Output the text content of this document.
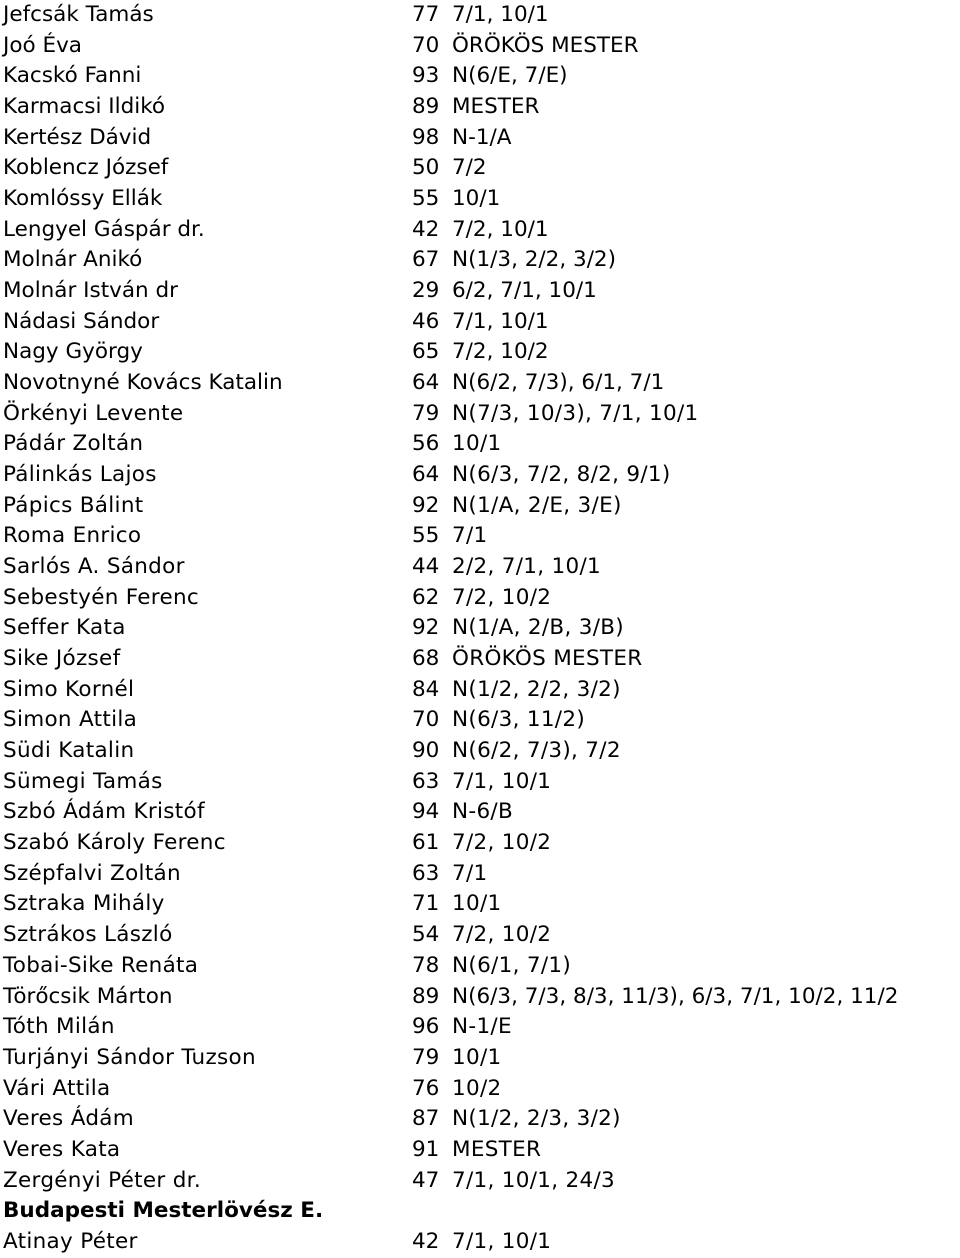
Jefcsák Tamás	77 7/1, 10/1
Joó Éva	70 ÖRÖKÖS MESTER
Kacskó Fanni	93 N(6/E, 7/E)
Karmacsi Ildikó	89 MESTER
Kertész Dávid	98 N-1/A
Koblencz József	50 7/2
Komlóssy Ellák	55 10/1
Lengyel Gáspár dr.	42 7/2, 10/1
Molnár Anikó	67 N(1/3, 2/2, 3/2)
Molnár István dr	29 6/2, 7/1, 10/1
Nádasi Sándor	46 7/1, 10/1
Nagy György	65 7/2, 10/2
Novotnyné Kovács Katalin	64 N(6/2, 7/3), 6/1, 7/1
Örkényi Levente	79 N(7/3, 10/3), 7/1, 10/1
Pádár Zoltán	56 10/1
Pálinkás Lajos	64 N(6/3, 7/2, 8/2, 9/1)
Pápics Bálint	92 N(1/A, 2/E, 3/E)
Roma Enrico	55 7/1
Sarlós A. Sándor	44 2/2, 7/1, 10/1
Sebestyén Ferenc	62 7/2, 10/2
Seffer Kata	92 N(1/A, 2/B, 3/B)
Sike József	68 ÖRÖKÖS MESTER
Simo Kornél	84 N(1/2, 2/2, 3/2)
Simon Attila	70 N(6/3, 11/2)
Südi Katalin	90 N(6/2, 7/3), 7/2
Sümegi Tamás	63 7/1, 10/1
Szbó Ádám Kristóf	94 N-6/B
Szabó Károly Ferenc	61 7/2, 10/2
Szépfalvi Zoltán	63 7/1
Sztraka Mihály	71 10/1
Sztrákos László	54 7/2, 10/2
Tobai-Sike Renáta	78 N(6/1, 7/1)
Törőcsik Márton	89 N(6/3, 7/3, 8/3, 11/3), 6/3, 7/1, 10/2, 11/2
Tóth Milán	96 N-1/E
Turjányi Sándor Tuzson	79 10/1
Vári Attila	76 10/2
Veres Ádám	87 N(1/2, 2/3, 3/2)
Veres Kata	91 MESTER
Zergényi Péter dr.	47 7/1, 10/1, 24/3
Budapesti Mesterlövész E.
Atinay Péter	42 7/1, 10/1
